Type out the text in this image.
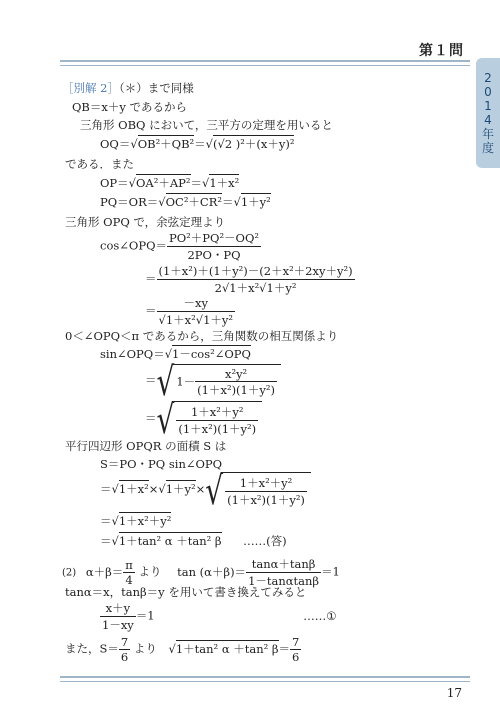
第１問
2
0
1
4
年
度
［別解 2］（＊）まで同様
QB＝x＋y であるから
三角形 OBQ において，三平方の定理を用いると
OQ＝√OB²＋QB²＝√(√2 )²＋(x＋y)²
である．また
OP＝√OA²＋AP²＝√1＋x²
PQ＝OR＝√OC²＋CR²＝√1＋y²
三角形 OPQ で，余弦定理より
cos∠OPQ＝ $\frac{\text{PO²＋PQ²－OQ²}}{2PO・PQ}$
＝ $\frac{\text{(1＋x²)＋(1＋y²)－(2＋x²＋2xy＋y²)}}{\text{2√1＋x²√1＋y²}}$
＝ $\frac{-xy}{\text{√1＋x²√1＋y²}}$
0＜∠OPQ＜π であるから，三角関数の相互関係より
sin∠OPQ＝√1－cos²∠OPQ
＝√ $1- \frac{\text{x²y²}}{\text{(1＋x²)(1＋y²)}}$
＝√ $\frac{\text{1＋x²＋y²}}{\text{(1＋x²)(1＋y²)}}$
平行四辺形 OPQR の面積 S は
S＝PO・PQ sin∠OPQ
$=√1+x^2\times√1+y^2\times√ \frac{\text{1＋x²＋y²}}{\text{(1＋x²)(1＋y²)}}$
＝√1＋x²＋y²
＝√1＋tan² α ＋tan² β ……(答)
(2) $\alpha+\beta= \frac{\pi}{4}$ より $\tan (\alpha+\beta)= \frac{\tan\alpha+\tan\beta}{1-\tan\alpha\tan\beta} =1$
tanα＝x，tanβ＝y を用いて書き換えてみると
$\frac{x+y}{1-xy} =1$	……①
また，$S= \frac{7}{6}$ より √1＋tan² α ＋tan² $\beta= \frac{7}{6}$
17
